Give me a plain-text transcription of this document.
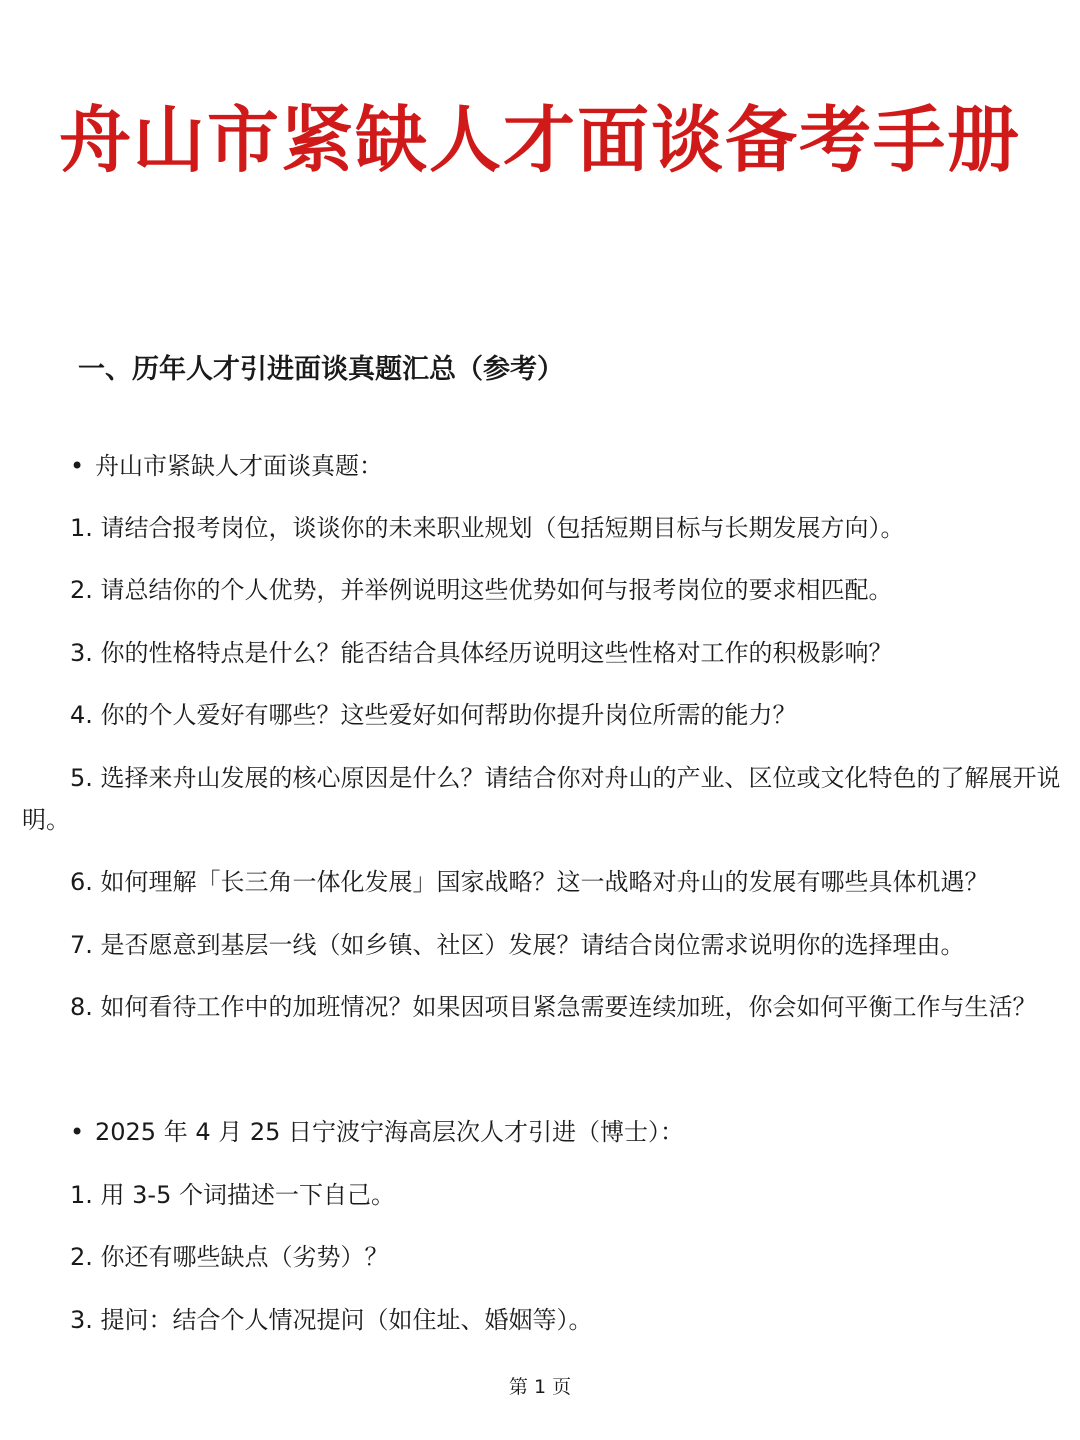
舟山市紧缺人才面谈备考手册
一、历年人才引进面谈真题汇总（参考）
• 舟山市紧缺人才面谈真题：
1. 请结合报考岗位，谈谈你的未来职业规划（包括短期目标与长期发展方向）。
2. 请总结你的个人优势，并举例说明这些优势如何与报考岗位的要求相匹配。
3. 你的性格特点是什么？能否结合具体经历说明这些性格对工作的积极影响？
4. 你的个人爱好有哪些？这些爱好如何帮助你提升岗位所需的能力？
5. 选择来舟山发展的核心原因是什么？请结合你对舟山的产业、区位或文化特色的了解展开说明。
6. 如何理解「长三角一体化发展」国家战略？这一战略对舟山的发展有哪些具体机遇？
7. 是否愿意到基层一线（如乡镇、社区）发展？请结合岗位需求说明你的选择理由。
8. 如何看待工作中的加班情况？如果因项目紧急需要连续加班，你会如何平衡工作与生活？
• 2025 年 4 月 25 日宁波宁海高层次人才引进（博士）：
1. 用 3-5 个词描述一下自己。
2. 你还有哪些缺点（劣势）？
3. 提问：结合个人情况提问（如住址、婚姻等）。
第 1 页
